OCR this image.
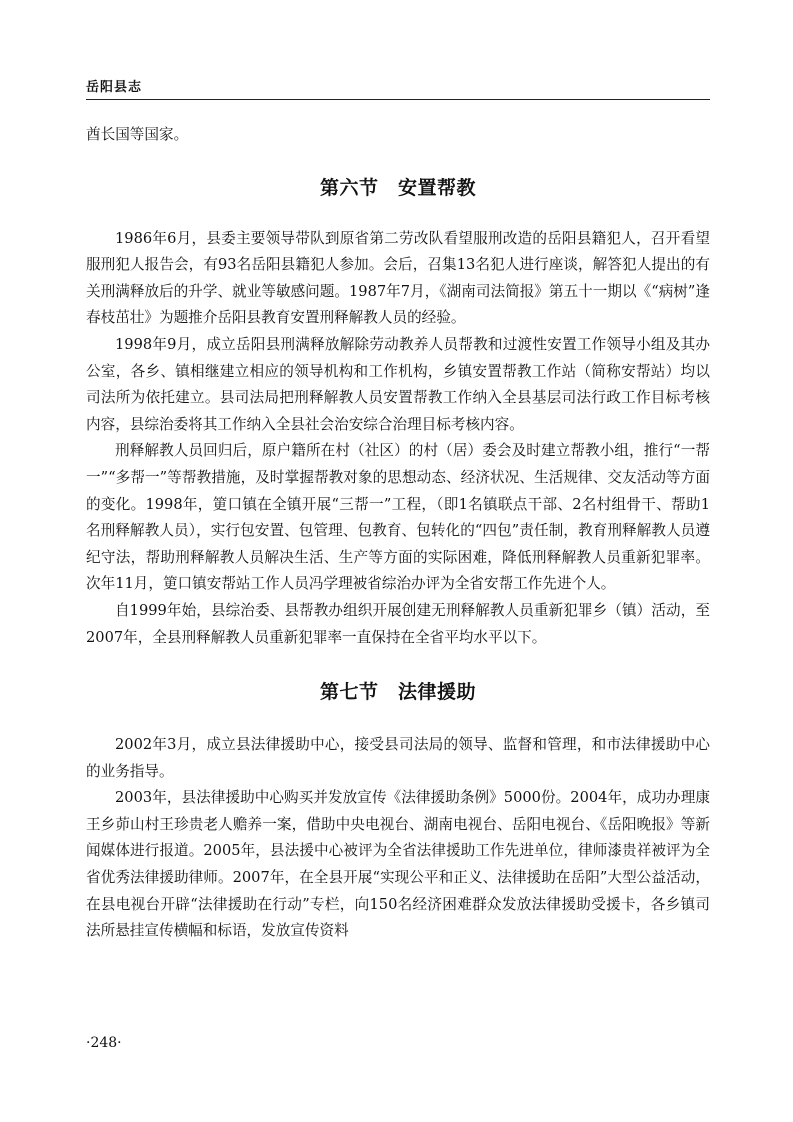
岳阳县志

酋长国等国家。

第六节　安置帮教

1986年6月，县委主要领导带队到原省第二劳改队看望服刑改造的岳阳县籍犯人，召开看望服刑犯人报告会，有93名岳阳县籍犯人参加。会后，召集13名犯人进行座谈，解答犯人提出的有关刑满释放后的升学、就业等敏感问题。1987年7月，《湖南司法简报》第五十一期以《“病树”逢春枝茁壮》为题推介岳阳县教育安置刑释解教人员的经验。

1998年9月，成立岳阳县刑满释放解除劳动教养人员帮教和过渡性安置工作领导小组及其办公室，各乡、镇相继建立相应的领导机构和工作机构，乡镇安置帮教工作站（简称安帮站）均以司法所为依托建立。县司法局把刑释解教人员安置帮教工作纳入全县基层司法行政工作目标考核内容，县综治委将其工作纳入全县社会治安综合治理目标考核内容。

刑释解教人员回归后，原户籍所在村（社区）的村（居）委会及时建立帮教小组，推行“一帮一”“多帮一”等帮教措施，及时掌握帮教对象的思想动态、经济状况、生活规律、交友活动等方面的变化。1998年，筻口镇在全镇开展“三帮一”工程，（即1名镇联点干部、2名村组骨干、帮助1名刑释解教人员），实行包安置、包管理、包教育、包转化的“四包”责任制，教育刑释解教人员遵纪守法，帮助刑释解教人员解决生活、生产等方面的实际困难，降低刑释解教人员重新犯罪率。次年11月，筻口镇安帮站工作人员冯学理被省综治办评为全省安帮工作先进个人。

自1999年始，县综治委、县帮教办组织开展创建无刑释解教人员重新犯罪乡（镇）活动，至2007年，全县刑释解教人员重新犯罪率一直保持在全省平均水平以下。

第七节　法律援助

2002年3月，成立县法律援助中心，接受县司法局的领导、监督和管理，和市法律援助中心的业务指导。

2003年，县法律援助中心购买并发放宣传《法律援助条例》5000份。2004年，成功办理康王乡茆山村王珍贵老人赡养一案，借助中央电视台、湖南电视台、岳阳电视台、《岳阳晚报》等新闻媒体进行报道。2005年，县法援中心被评为全省法律援助工作先进单位，律师漆贵祥被评为全省优秀法律援助律师。2007年，在全县开展“实现公平和正义、法律援助在岳阳”大型公益活动，在县电视台开辟“法律援助在行动”专栏，向150名经济困难群众发放法律援助受援卡，各乡镇司法所悬挂宣传横幅和标语，发放宣传资料

·248·
